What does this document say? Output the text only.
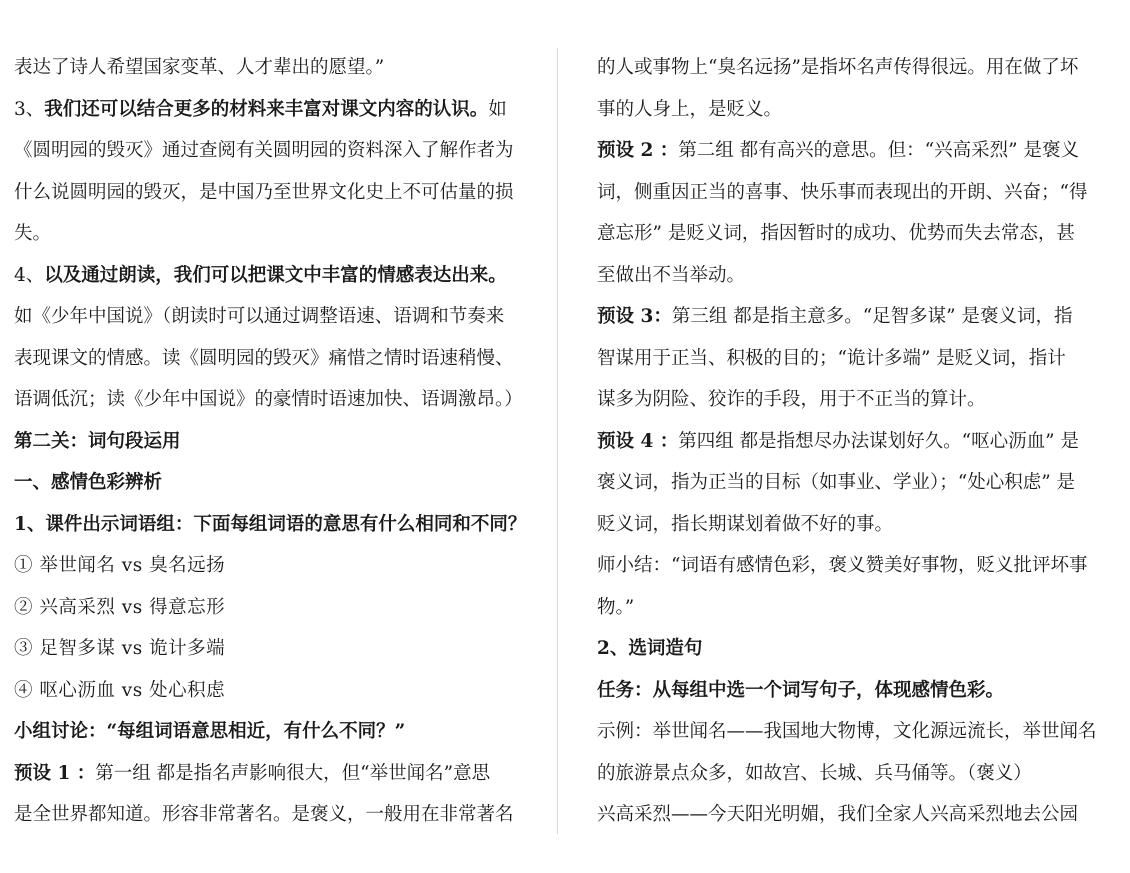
表达了诗人希望国家变革、人才辈出的愿望。”
3、我们还可以结合更多的材料来丰富对课文内容的认识。如
《圆明园的毁灭》通过查阅有关圆明园的资料深入了解作者为
什么说圆明园的毁灭，是中国乃至世界文化史上不可估量的损
失。
4、以及通过朗读，我们可以把课文中丰富的情感表达出来。
如《少年中国说》（朗读时可以通过调整语速、语调和节奏来
表现课文的情感。读《圆明园的毁灭》痛惜之情时语速稍慢、
语调低沉；读《少年中国说》的豪情时语速加快、语调激昂。）
第二关：词句段运用
一、感情色彩辨析
1、课件出示词语组：下面每组词语的意思有什么相同和不同？
① 举世闻名 vs 臭名远扬
② 兴高采烈 vs 得意忘形
③ 足智多谋 vs 诡计多端
④ 呕心沥血 vs 处心积虑
小组讨论：“每组词语意思相近，有什么不同？”
预设 1 ：第一组 都是指名声影响很大，但“举世闻名”意思
是全世界都知道。形容非常著名。是褒义，一般用在非常著名
的人或事物上“臭名远扬”是指坏名声传得很远。用在做了坏
事的人身上，是贬义。
预设 2 ：第二组 都有高兴的意思。但：“兴高采烈” 是褒义
词，侧重因正当的喜事、快乐事而表现出的开朗、兴奋；“得
意忘形” 是贬义词，指因暂时的成功、优势而失去常态，甚
至做出不当举动。
预设 3：第三组 都是指主意多。“足智多谋” 是褒义词，指
智谋用于正当、积极的目的；“诡计多端” 是贬义词，指计
谋多为阴险、狡诈的手段，用于不正当的算计。
预设 4 ：第四组 都是指想尽办法谋划好久。“呕心沥血” 是
褒义词，指为正当的目标（如事业、学业）；“处心积虑” 是
贬义词，指长期谋划着做不好的事。
师小结：“词语有感情色彩，褒义赞美好事物，贬义批评坏事
物。”
2、选词造句
任务：从每组中选一个词写句子，体现感情色彩。
示例：举世闻名——我国地大物博，文化源远流长，举世闻名
的旅游景点众多，如故宫、长城、兵马俑等。（褒义）
兴高采烈——今天阳光明媚，我们全家人兴高采烈地去公园
